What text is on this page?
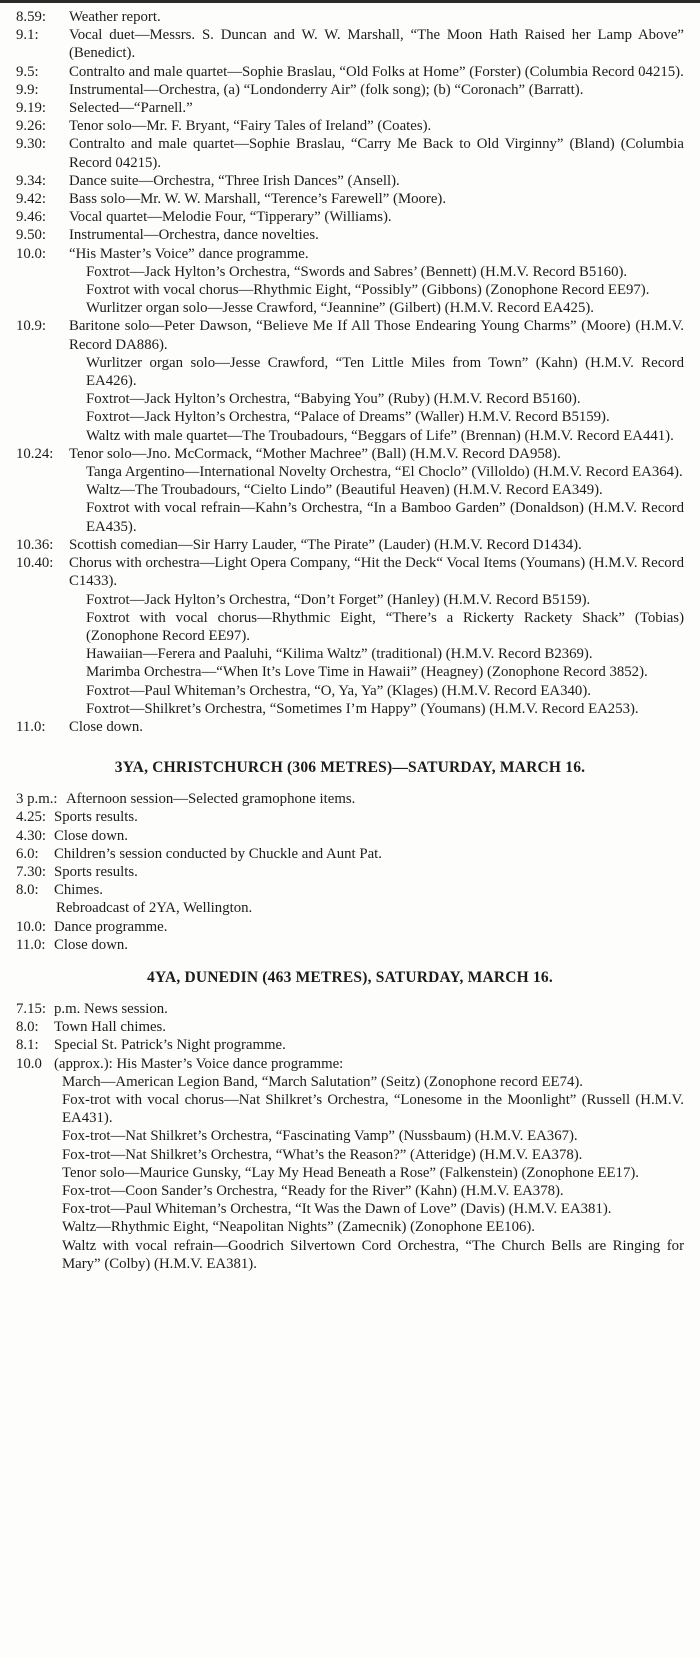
8.59: Weather report.
9.1: Vocal duet—Messrs. S. Duncan and W. W. Marshall, “The Moon Hath Raised her Lamp Above” (Benedict).
9.5: Contralto and male quartet—Sophie Braslau, “Old Folks at Home” (Forster) (Columbia Record 04215).
9.9: Instrumental—Orchestra, (a) “Londonderry Air” (folk song); (b) “Coronach” (Barratt).
9.19: Selected—“Parnell.”
9.26: Tenor solo—Mr. F. Bryant, “Fairy Tales of Ireland” (Coates).
9.30: Contralto and male quartet—Sophie Braslau, “Carry Me Back to Old Virginny” (Bland) (Columbia Record 04215).
9.34: Dance suite—Orchestra, “Three Irish Dances” (Ansell).
9.42: Bass solo—Mr. W. W. Marshall, “Terence’s Farewell” (Moore).
9.46: Vocal quartet—Melodie Four, “Tipperary” (Williams).
9.50: Instrumental—Orchestra, dance novelties.
10.0: “His Master’s Voice” dance programme.
Foxtrot—Jack Hylton’s Orchestra, “Swords and Sabres’ (Bennett) (H.M.V. Record B5160).
Foxtrot with vocal chorus—Rhythmic Eight, “Possibly” (Gibbons) (Zonophone Record EE97).
Wurlitzer organ solo—Jesse Crawford, “Jeannine” (Gilbert) (H.M.V. Record EA425).
10.9: Baritone solo—Peter Dawson, “Believe Me If All Those Endearing Young Charms” (Moore) (H.M.V. Record DA886).
Wurlitzer organ solo—Jesse Crawford, “Ten Little Miles from Town” (Kahn) (H.M.V. Record EA426).
Foxtrot—Jack Hylton’s Orchestra, “Babying You” (Ruby) (H.M.V. Record B5160).
Foxtrot—Jack Hylton’s Orchestra, “Palace of Dreams” (Waller) H.M.V. Record B5159).
Waltz with male quartet—The Troubadours, “Beggars of Life” (Brennan) (H.M.V. Record EA441).
10.24: Tenor solo—Jno. McCormack, “Mother Machree” (Ball) (H.M.V. Record DA958).
Tanga Argentino—International Novelty Orchestra, “El Choclo” (Villoldo) (H.M.V. Record EA364).
Waltz—The Troubadours, “Cielto Lindo” (Beautiful Heaven) (H.M.V. Record EA349).
Foxtrot with vocal refrain—Kahn’s Orchestra, “In a Bamboo Garden” (Donaldson) (H.M.V. Record EA435).
10.36: Scottish comedian—Sir Harry Lauder, “The Pirate” (Lauder) (H.M.V. Record D1434).
10.40: Chorus with orchestra—Light Opera Company, “Hit the Deck“ Vocal Items (Youmans) (H.M.V. Record C1433).
Foxtrot—Jack Hylton’s Orchestra, “Don’t Forget” (Hanley) (H.M.V. Record B5159).
Foxtrot with vocal chorus—Rhythmic Eight, “There’s a Rickerty Rackety Shack” (Tobias) (Zonophone Record EE97).
Hawaiian—Ferera and Paaluhi, “Kilima Waltz” (traditional) (H.M.V. Record B2369).
Marimba Orchestra—“When It’s Love Time in Hawaii” (Heagney) (Zonophone Record 3852).
Foxtrot—Paul Whiteman’s Orchestra, “O, Ya, Ya” (Klages) (H.M.V. Record EA340).
Foxtrot—Shilkret’s Orchestra, “Sometimes I’m Happy” (Youmans) (H.M.V. Record EA253).
11.0: Close down.
3YA, CHRISTCHURCH (306 METRES)—SATURDAY, MARCH 16.
3 p.m.: Afternoon session—Selected gramophone items.
4.25: Sports results.
4.30: Close down.
6.0: Children’s session conducted by Chuckle and Aunt Pat.
7.30: Sports results.
8.0: Chimes.
Rebroadcast of 2YA, Wellington.
10.0: Dance programme.
11.0: Close down.
4YA, DUNEDIN (463 METRES), SATURDAY, MARCH 16.
7.15: p.m. News session.
8.0: Town Hall chimes.
8.1: Special St. Patrick’s Night programme.
10.0 (approx.): His Master’s Voice dance programme:
March—American Legion Band, “March Salutation” (Seitz) (Zonophone record EE74).
Fox-trot with vocal chorus—Nat Shilkret’s Orchestra, “Lonesome in the Moonlight” (Russell (H.M.V. EA431).
Fox-trot—Nat Shilkret’s Orchestra, “Fascinating Vamp” (Nussbaum) (H.M.V. EA367).
Fox-trot—Nat Shilkret’s Orchestra, “What’s the Reason?” (Atteridge) (H.M.V. EA378).
Tenor solo—Maurice Gunsky, “Lay My Head Beneath a Rose” (Falkenstein) (Zonophone EE17).
Fox-trot—Coon Sander’s Orchestra, “Ready for the River” (Kahn) (H.M.V. EA378).
Fox-trot—Paul Whiteman’s Orchestra, “It Was the Dawn of Love” (Davis) (H.M.V. EA381).
Waltz—Rhythmic Eight, “Neapolitan Nights” (Zamecnik) (Zonophone EE106).
Waltz with vocal refrain—Goodrich Silvertown Cord Orchestra, “The Church Bells are Ringing for Mary” (Colby) (H.M.V. EA381).
